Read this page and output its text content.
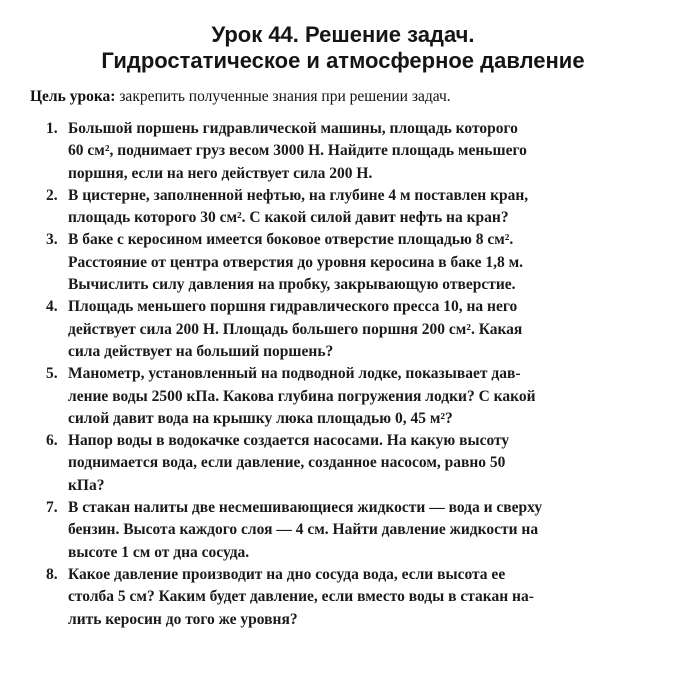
Урок 44. Решение задач.
Гидростатическое и атмосферное давление
Цель урока: закрепить полученные знания при решении задач.
1. Большой поршень гидравлической машины, площадь которого
60 см², поднимает груз весом 3000 Н. Найдите площадь меньшего
поршня, если на него действует сила 200 Н.
2. В цистерне, заполненной нефтью, на глубине 4 м поставлен кран,
площадь которого 30 см². С какой силой давит нефть на кран?
3. В баке с керосином имеется боковое отверстие площадью 8 см².
Расстояние от центра отверстия до уровня керосина в баке 1,8 м.
Вычислить силу давления на пробку, закрывающую отверстие.
4. Площадь меньшего поршня гидравлического пресса 10, на него
действует сила 200 Н. Площадь большего поршня 200 см². Какая
сила действует на больший поршень?
5. Манометр, установленный на подводной лодке, показывает дав-
ление воды 2500 кПа. Какова глубина погружения лодки? С какой
силой давит вода на крышку люка площадью 0, 45 м²?
6. Напор воды в водокачке создается насосами. На какую высоту
поднимается вода, если давление, созданное насосом, равно 50
кПа?
7. В стакан налиты две несмешивающиеся жидкости — вода и сверху
бензин. Высота каждого слоя — 4 см. Найти давление жидкости на
высоте 1 см от дна сосуда.
8. Какое давление производит на дно сосуда вода, если высота ее
столба 5 см? Каким будет давление, если вместо воды в стакан на-
лить керосин до того же уровня?
